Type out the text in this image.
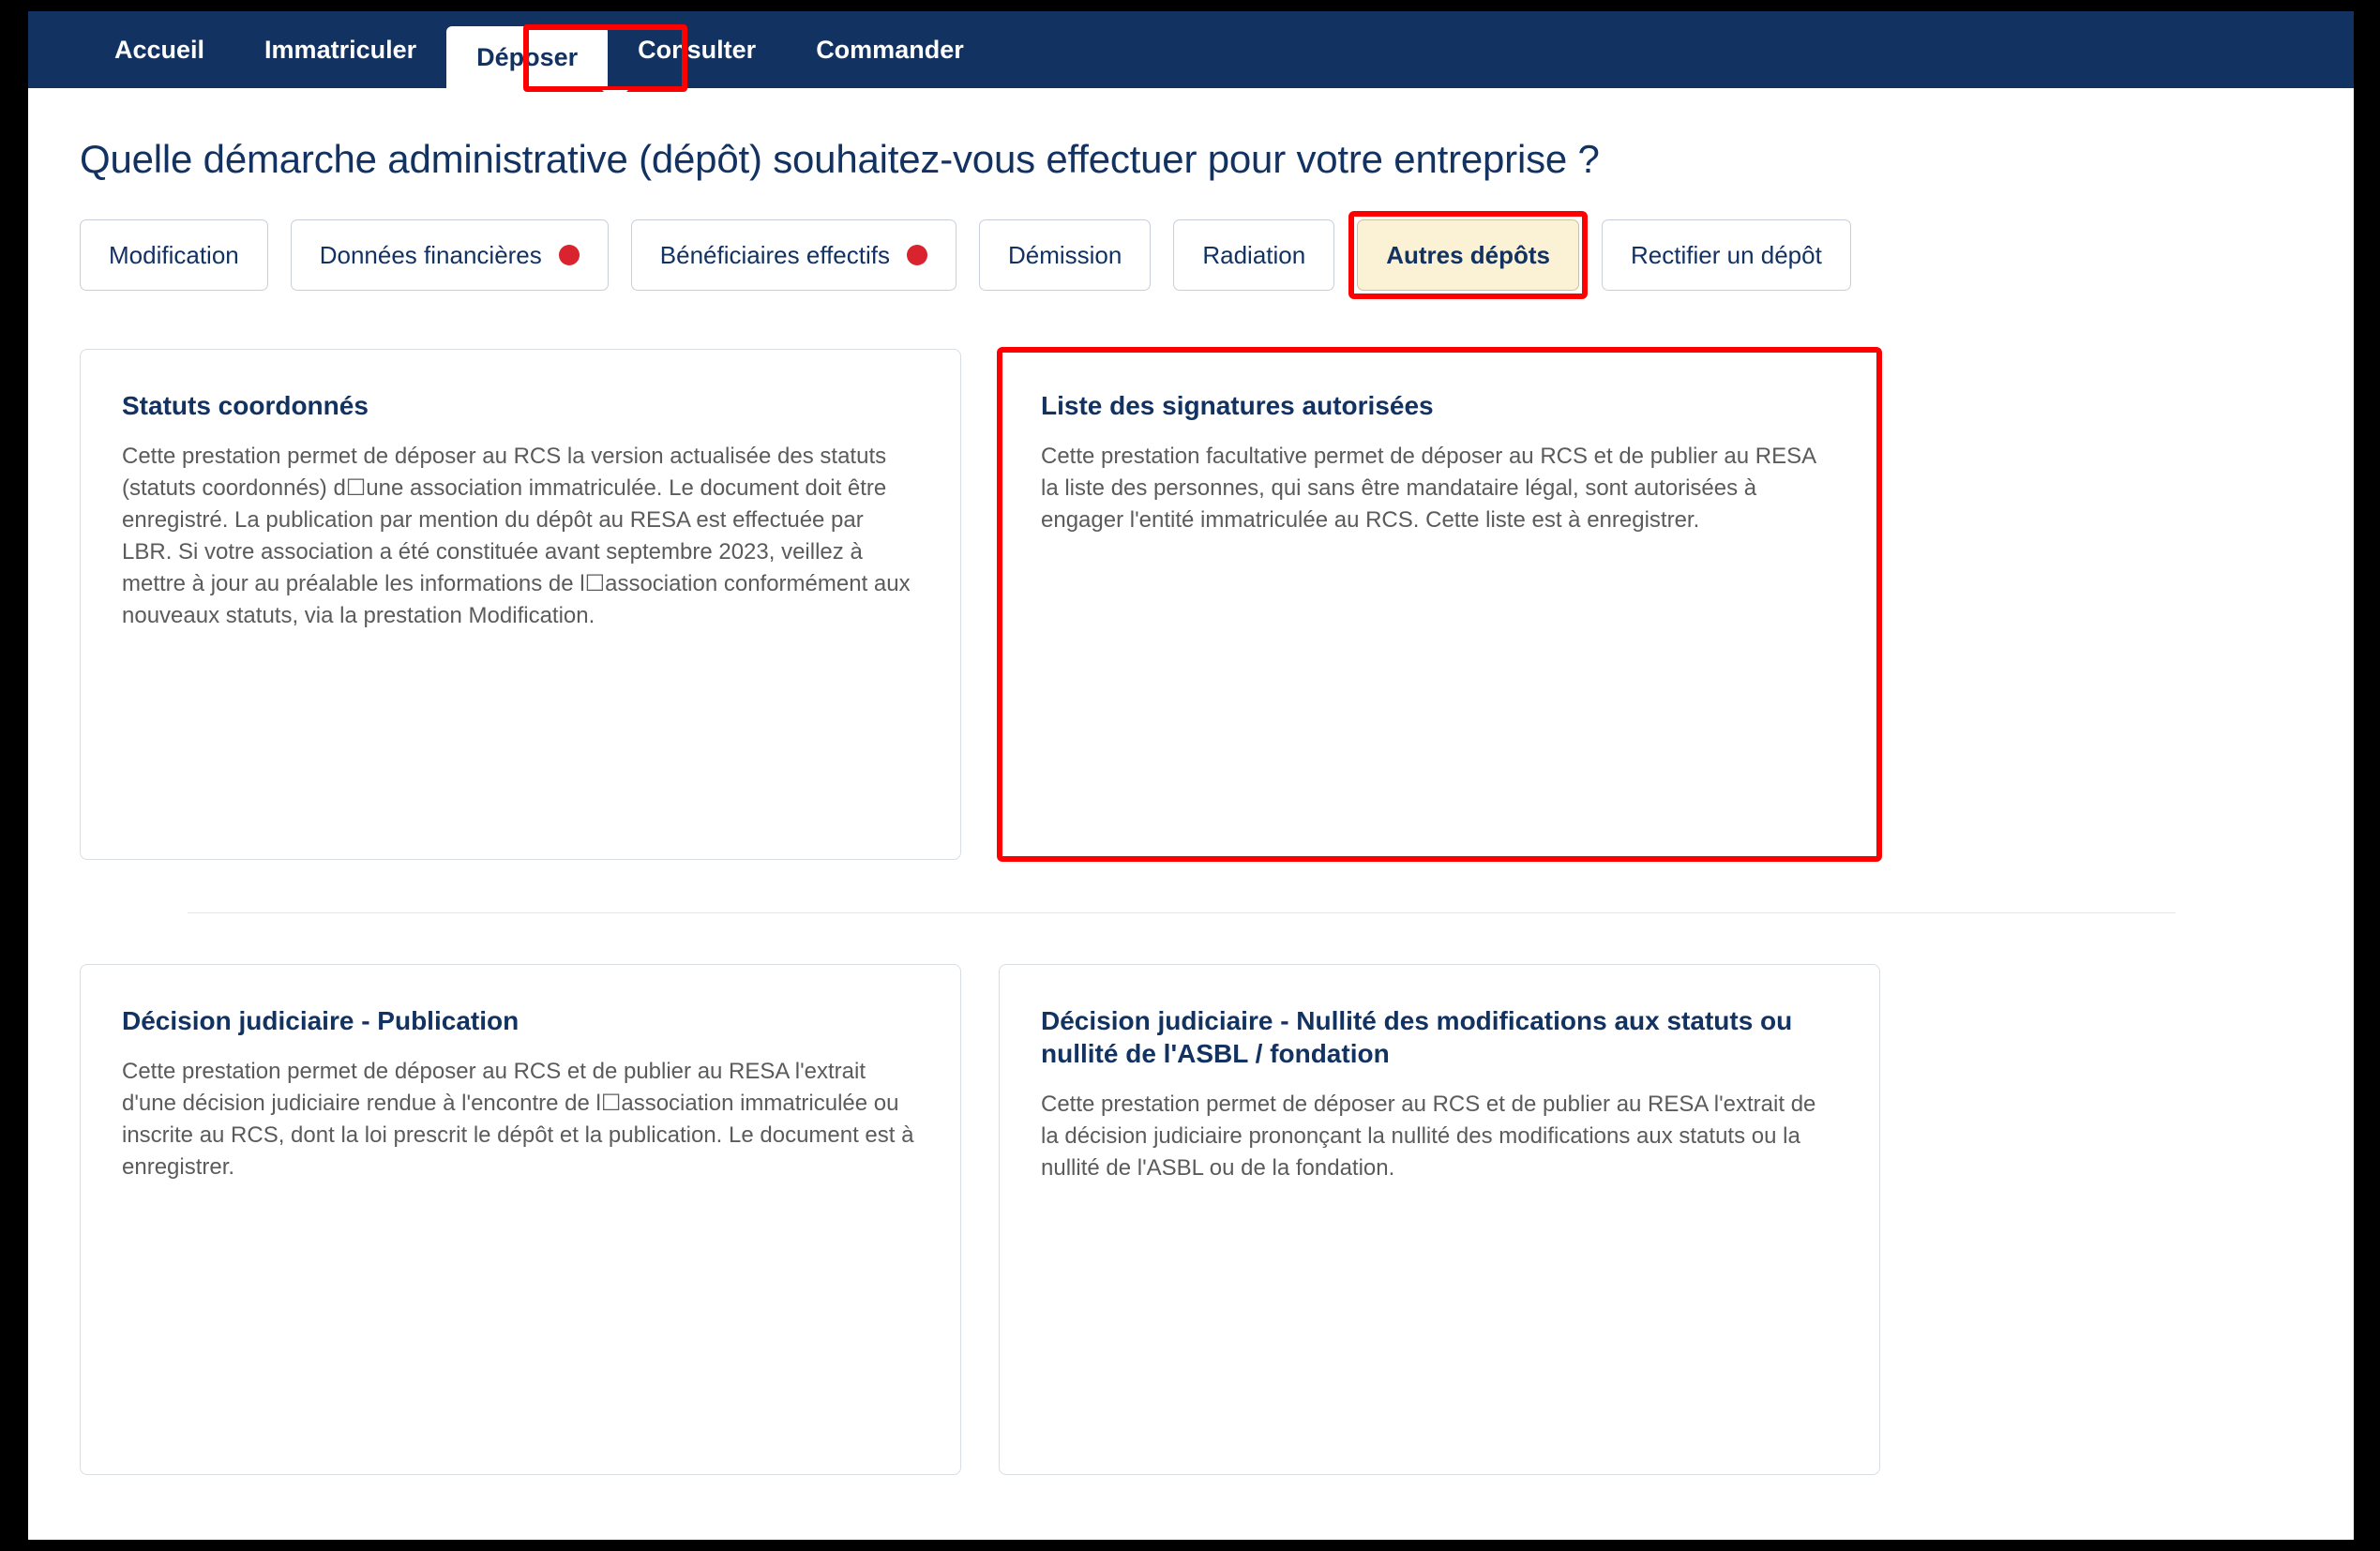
Accueil	Immatriculer	Déposer	Consulter	Commander
Quelle démarche administrative (dépôt) souhaitez-vous effectuer pour votre entreprise ?
Modification	Données financières	Bénéficiaires effectifs	Démission	Radiation	Autres dépôts	Rectifier un dépôt
Statuts coordonnés

Cette prestation permet de déposer au RCS la version actualisée des statuts (statuts coordonnés) d☐une association immatriculée. Le document doit être enregistré. La publication par mention du dépôt au RESA est effectuée par LBR. Si votre association a été constituée avant septembre 2023, veillez à mettre à jour au préalable les informations de l☐association conformément aux nouveaux statuts, via la prestation Modification.

Liste des signatures autorisées

Cette prestation facultative permet de déposer au RCS et de publier au RESA la liste des personnes, qui sans être mandataire légal, sont autorisées à engager l'entité immatriculée au RCS. Cette liste est à enregistrer.

Décision judiciaire - Publication

Cette prestation permet de déposer au RCS et de publier au RESA l'extrait d'une décision judiciaire rendue à l'encontre de l☐association immatriculée ou inscrite au RCS, dont la loi prescrit le dépôt et la publication. Le document est à enregistrer.

Décision judiciaire - Nullité des modifications aux statuts ou nullité de l'ASBL / fondation

Cette prestation permet de déposer au RCS et de publier au RESA l'extrait de la décision judiciaire prononçant la nullité des modifications aux statuts ou la nullité de l'ASBL ou de la fondation.
